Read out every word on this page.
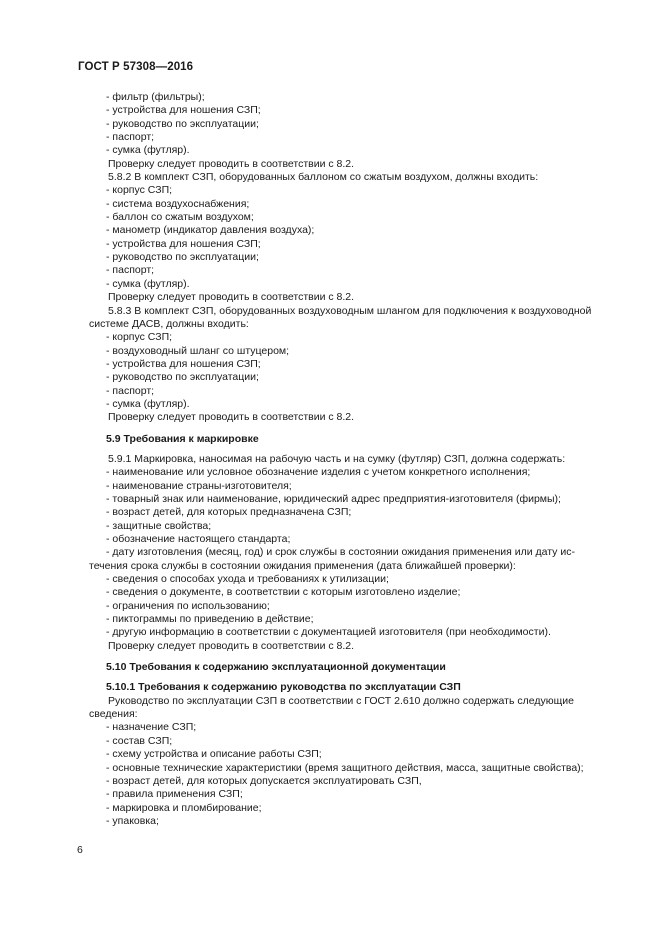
ГОСТ Р 57308—2016
- фильтр (фильтры);
- устройства для ношения СЗП;
- руководство по эксплуатации;
- паспорт;
- сумка (футляр).
Проверку следует проводить в соответствии с 8.2.
5.8.2 В комплект СЗП, оборудованных баллоном со сжатым воздухом, должны входить:
- корпус СЗП;
- система воздухоснабжения;
- баллон со сжатым воздухом;
- манометр (индикатор давления воздуха);
- устройства для ношения СЗП;
- руководство по эксплуатации;
- паспорт;
- сумка (футляр).
Проверку следует проводить в соответствии с 8.2.
5.8.3 В комплект СЗП, оборудованных воздуховодным шлангом для подключения к воздуховодной
системе ДАСВ, должны входить:
- корпус СЗП;
- воздуховодный шланг со штуцером;
- устройства для ношения СЗП;
- руководство по эксплуатации;
- паспорт;
- сумка (футляр).
Проверку следует проводить в соответствии с 8.2.
5.9 Требования к маркировке
5.9.1 Маркировка, наносимая на рабочую часть и на сумку (футляр) СЗП, должна содержать:
- наименование или условное обозначение изделия с учетом конкретного исполнения;
- наименование страны-изготовителя;
- товарный знак или наименование, юридический адрес предприятия-изготовителя (фирмы);
- возраст детей, для которых предназначена СЗП;
- защитные свойства;
- обозначение настоящего стандарта;
- дату изготовления (месяц, год) и срок службы в состоянии ожидания применения или дату ис-
течения срока службы в состоянии ожидания применения (дата ближайшей проверки):
- сведения о способах ухода и требованиях к утилизации;
- сведения о документе, в соответствии с которым изготовлено изделие;
- ограничения по использованию;
- пиктограммы по приведению в действие;
- другую информацию в соответствии с документацией изготовителя (при необходимости).
Проверку следует проводить в соответствии с 8.2.
5.10 Требования к содержанию эксплуатационной документации
5.10.1 Требования к содержанию руководства по эксплуатации СЗП
Руководство по эксплуатации СЗП в соответствии с ГОСТ 2.610 должно содержать следующие
сведения:
- назначение СЗП;
- состав СЗП;
- схему устройства и описание работы СЗП;
- основные технические характеристики (время защитного действия, масса, защитные свойства);
- возраст детей, для которых допускается эксплуатировать СЗП,
- правила применения СЗП;
- маркировка и пломбирование;
- упаковка;
6
